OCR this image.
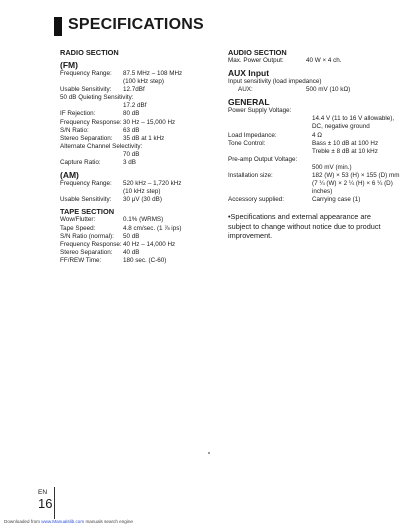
SPECIFICATIONS
RADIO SECTION
(FM)
Frequency Range:	87.5 MHz – 108 MHz
(100 kHz step)
Usable Sensitivity:	12.7dBf
50 dB Quieting Sensitivity:
17.2 dBf
IF Rejection:	80 dB
Frequency Response: 30 Hz – 15,000 Hz
S/N Ratio:	63 dB
Stereo Separation:	35 dB at 1 kHz
Alternate Channel Selectivity:
70 dB
Capture Ratio:	3 dB
(AM)
Frequency Range:	520 kHz – 1,720 kHz
(10 kHz step)
Usable Sensitivity:	30 μV (30 dB)
TAPE SECTION
Wow/Flutter:	0.1% (WRMS)
Tape Speed:	4.8 cm/sec. (1 ⅞ ips)
S/N Ratio (normal):	50 dB
Frequency Response: 40 Hz – 14,000 Hz
Stereo Separation:	40 dB
FF/REW Time:	180 sec. (C-60)
AUDIO SECTION
Max. Power Output:	40 W × 4 ch.
AUX Input
Input sensitivity (load impedance)
AUX:	500 mV (10 kΩ)
GENERAL
Power Supply Voltage:
14.4 V (11 to 16 V allowable),
DC, negative ground
Load Impedance:	4 Ω
Tone Control:	Bass ± 10 dB at 100 Hz
Treble ± 8 dB at 10 kHz
Pre-amp Output Voltage:
500 mV (min.)
Installation size:	182 (W) × 53 (H) × 155 (D) mm
(7 ¼ (W) × 2 ¼ (H) × 6 ¼ (D)
inches)
Accessory supplied:	Carrying case (1)
•Specifications and external appearance are
subject to change without notice due to product
improvement.
EN
16
Downloaded from www.Manualslib.com manuals search engine
